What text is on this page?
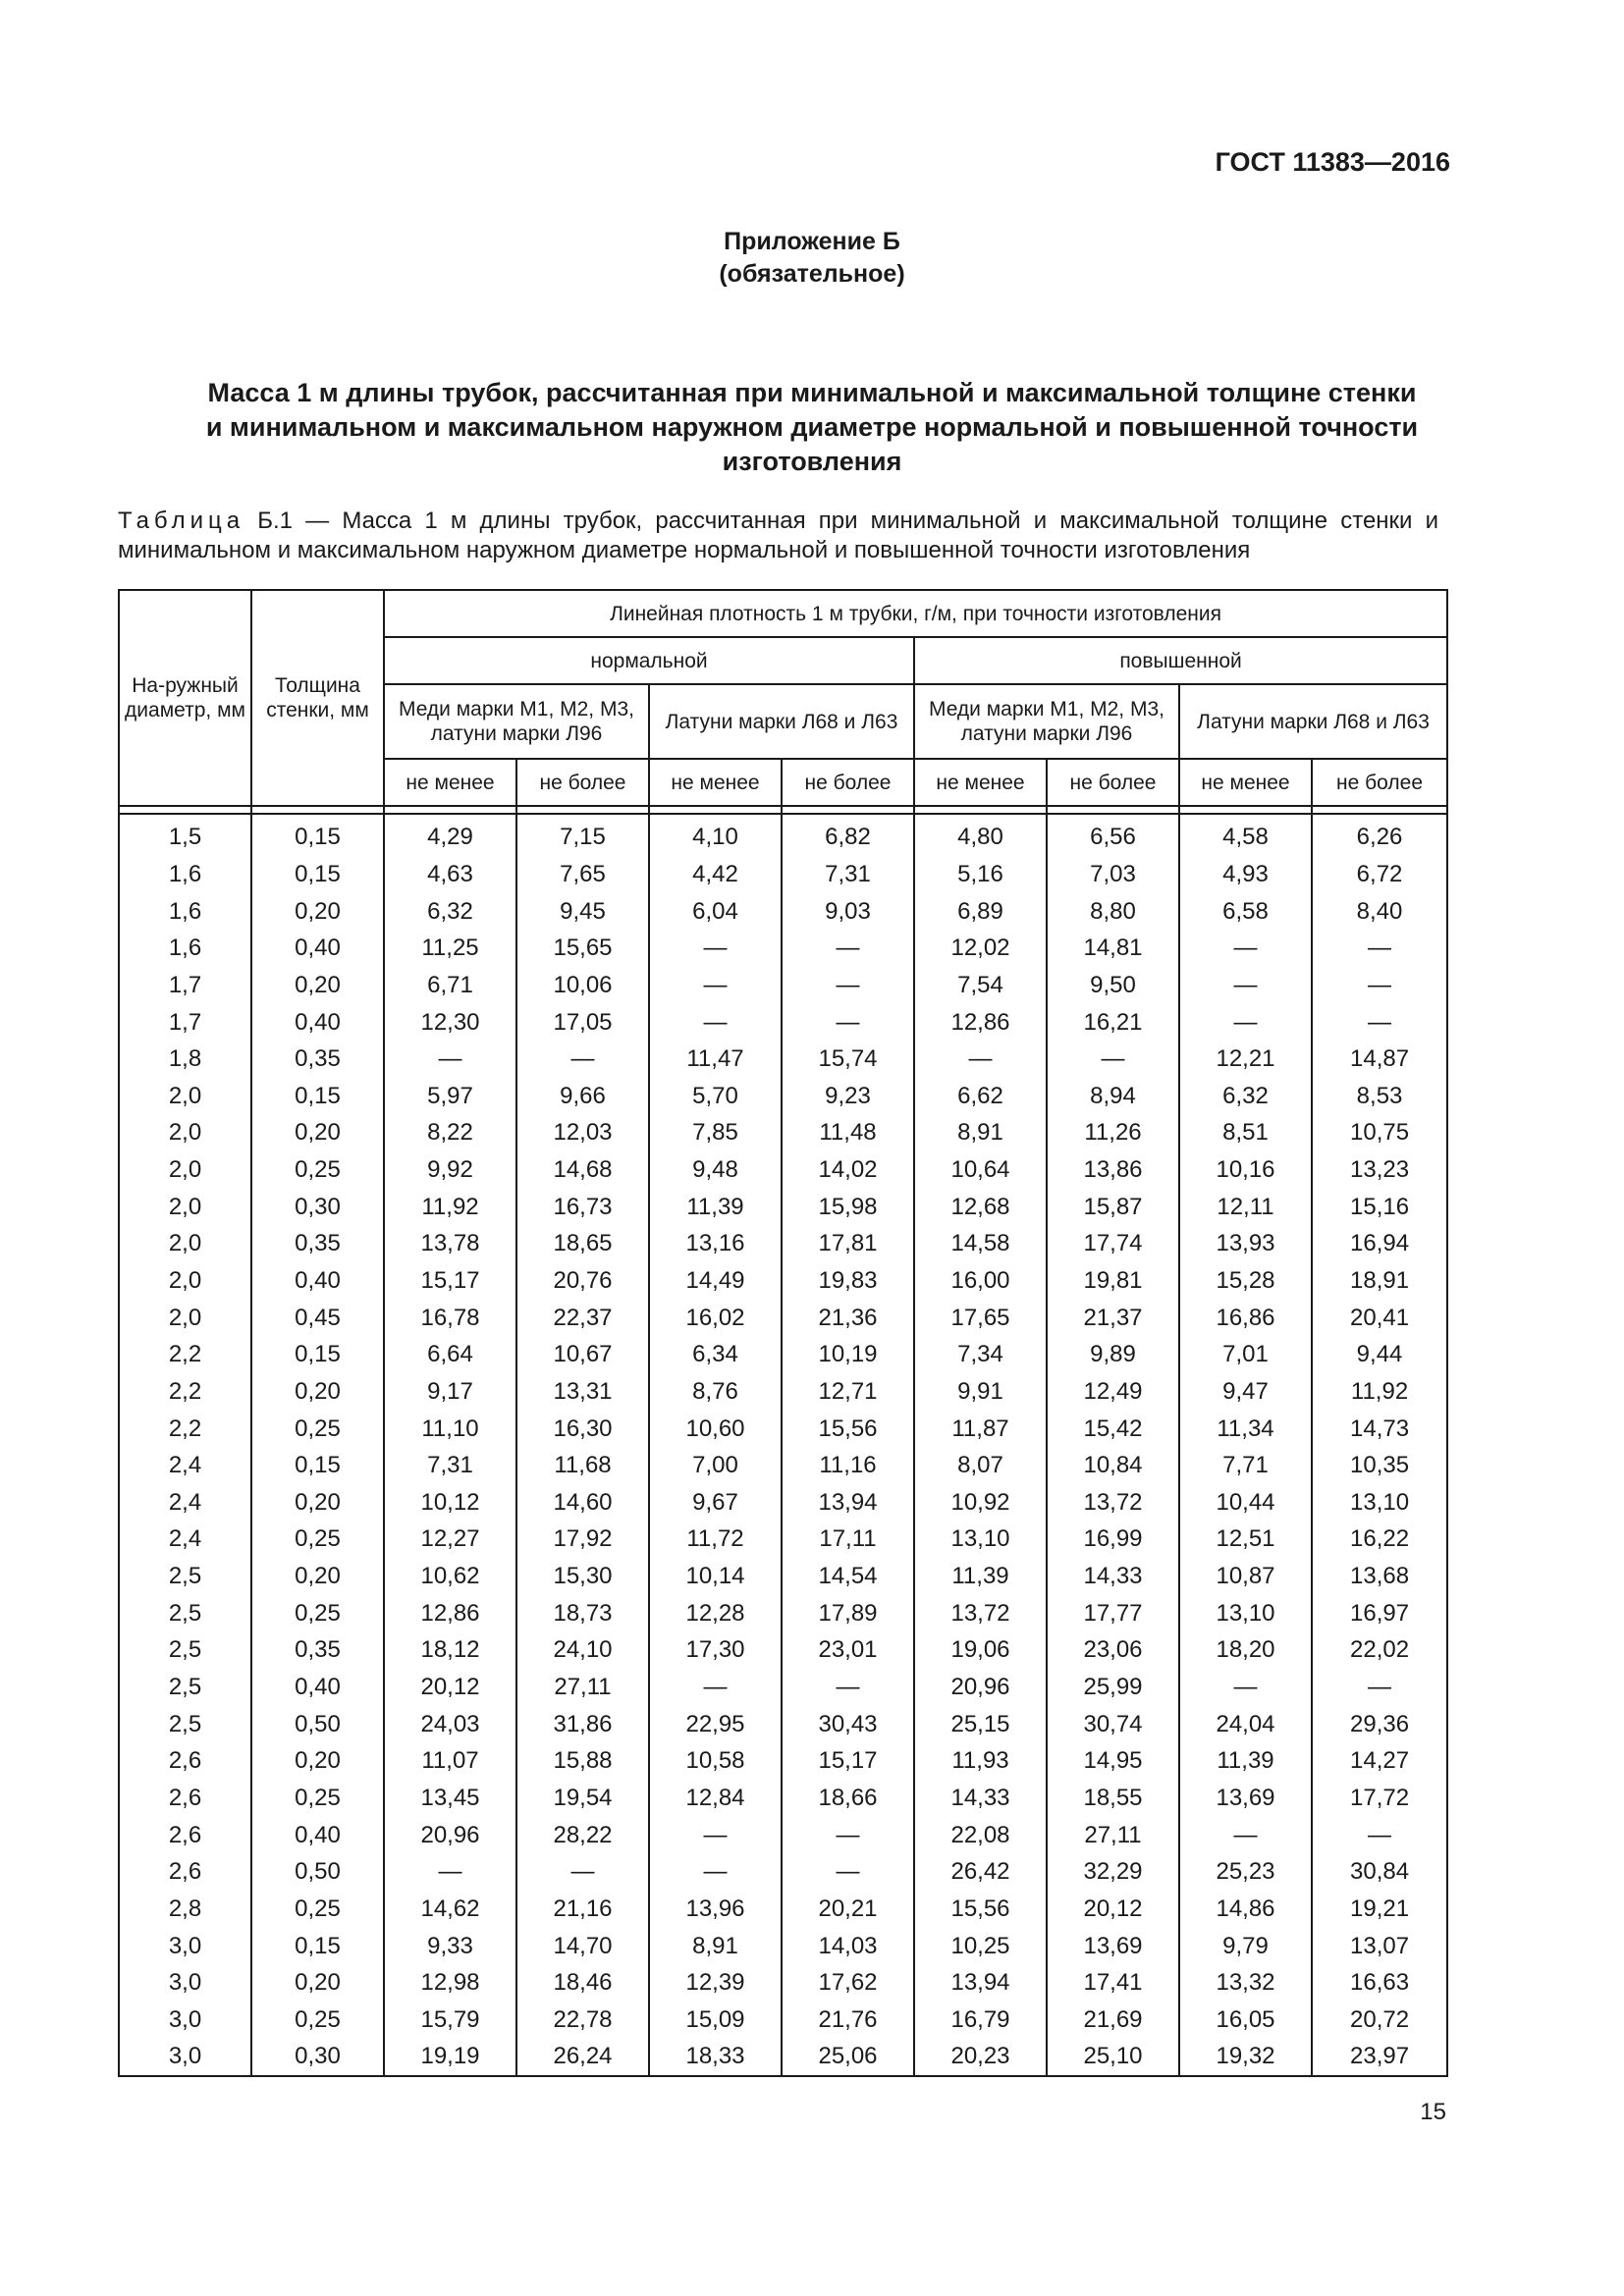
ГОСТ 11383—2016
Приложение Б
(обязательное)
Масса 1 м длины трубок, рассчитанная при минимальной и максимальной толщине стенки
и минимальном и максимальном наружном диаметре нормальной и повышенной точности
изготовления
Таблица Б.1 — Масса 1 м длины трубок, рассчитанная при минимальной и максимальной толщине стенки и минимальном и максимальном наружном диаметре нормальной и повышенной точности изготовления
На-ружный диаметр, мм	Толщина стенки, мм	Линейная плотность 1 м трубки, г/м, при точности изготовления							
		нормальной				повышенной			
		Меди марки М1, М2, М3, латуни марки Л96		Латуни марки Л68 и Л63		Меди марки М1, М2, М3, латуни марки Л96		Латуни марки Л68 и Л63	
		не менее	не более	не менее	не более	не менее	не более	не менее	не более

1,5	0,15	4,29	7,15	4,10	6,82	4,80	6,56	4,58	6,26
1,6	0,15	4,63	7,65	4,42	7,31	5,16	7,03	4,93	6,72
1,6	0,20	6,32	9,45	6,04	9,03	6,89	8,80	6,58	8,40
1,6	0,40	11,25	15,65	—	—	12,02	14,81	—	—
1,7	0,20	6,71	10,06	—	—	7,54	9,50	—	—
1,7	0,40	12,30	17,05	—	—	12,86	16,21	—	—
1,8	0,35	—	—	11,47	15,74	—	—	12,21	14,87
2,0	0,15	5,97	9,66	5,70	9,23	6,62	8,94	6,32	8,53
2,0	0,20	8,22	12,03	7,85	11,48	8,91	11,26	8,51	10,75
2,0	0,25	9,92	14,68	9,48	14,02	10,64	13,86	10,16	13,23
2,0	0,30	11,92	16,73	11,39	15,98	12,68	15,87	12,11	15,16
2,0	0,35	13,78	18,65	13,16	17,81	14,58	17,74	13,93	16,94
2,0	0,40	15,17	20,76	14,49	19,83	16,00	19,81	15,28	18,91
2,0	0,45	16,78	22,37	16,02	21,36	17,65	21,37	16,86	20,41
2,2	0,15	6,64	10,67	6,34	10,19	7,34	9,89	7,01	9,44
2,2	0,20	9,17	13,31	8,76	12,71	9,91	12,49	9,47	11,92
2,2	0,25	11,10	16,30	10,60	15,56	11,87	15,42	11,34	14,73
2,4	0,15	7,31	11,68	7,00	11,16	8,07	10,84	7,71	10,35
2,4	0,20	10,12	14,60	9,67	13,94	10,92	13,72	10,44	13,10
2,4	0,25	12,27	17,92	11,72	17,11	13,10	16,99	12,51	16,22
2,5	0,20	10,62	15,30	10,14	14,54	11,39	14,33	10,87	13,68
2,5	0,25	12,86	18,73	12,28	17,89	13,72	17,77	13,10	16,97
2,5	0,35	18,12	24,10	17,30	23,01	19,06	23,06	18,20	22,02
2,5	0,40	20,12	27,11	—	—	20,96	25,99	—	—
2,5	0,50	24,03	31,86	22,95	30,43	25,15	30,74	24,04	29,36
2,6	0,20	11,07	15,88	10,58	15,17	11,93	14,95	11,39	14,27
2,6	0,25	13,45	19,54	12,84	18,66	14,33	18,55	13,69	17,72
2,6	0,40	20,96	28,22	—	—	22,08	27,11	—	—
2,6	0,50	—	—	—	—	26,42	32,29	25,23	30,84
2,8	0,25	14,62	21,16	13,96	20,21	15,56	20,12	14,86	19,21
3,0	0,15	9,33	14,70	8,91	14,03	10,25	13,69	9,79	13,07
3,0	0,20	12,98	18,46	12,39	17,62	13,94	17,41	13,32	16,63
3,0	0,25	15,79	22,78	15,09	21,76	16,79	21,69	16,05	20,72
3,0	0,30	19,19	26,24	18,33	25,06	20,23	25,10	19,32	23,97
15
